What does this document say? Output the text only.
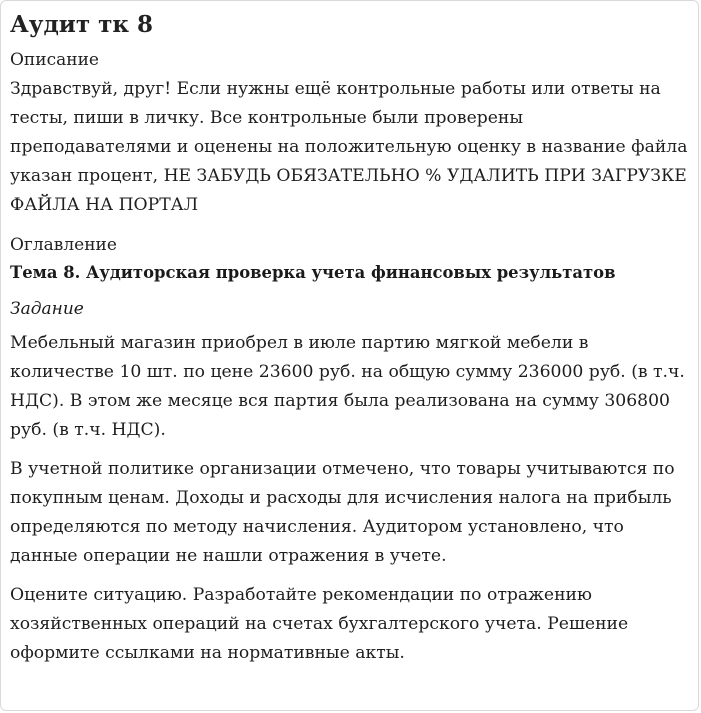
Аудит тк 8
Описание

Здравствуй, друг! Если нужны ещё контрольные работы или ответы на тесты, пиши в личку. Все контрольные были проверены преподавателями и оценены на положительную оценку в название файла указан процент, НЕ ЗАБУДЬ ОБЯЗАТЕЛЬНО % УДАЛИТЬ ПРИ ЗАГРУЗКЕ ФАЙЛА НА ПОРТАЛ

Оглавление
Тема 8. Аудиторская проверка учета финансовых результатов
Задание

Мебельный магазин приобрел в июле партию мягкой мебели в количестве 10 шт. по цене 23600 руб. на общую сумму 236000 руб. (в т.ч. НДС). В этом же месяце вся партия была реализована на сумму 306800 руб. (в т.ч. НДС).

В учетной политике организации отмечено, что товары учитываются по покупным ценам. Доходы и расходы для исчисления налога на прибыль определяются по методу начисления. Аудитором установлено, что данные операции не нашли отражения в учете.

Оцените ситуацию. Разработайте рекомендации по отражению хозяйственных операций на счетах бухгалтерского учета. Решение оформите ссылками на нормативные акты.
